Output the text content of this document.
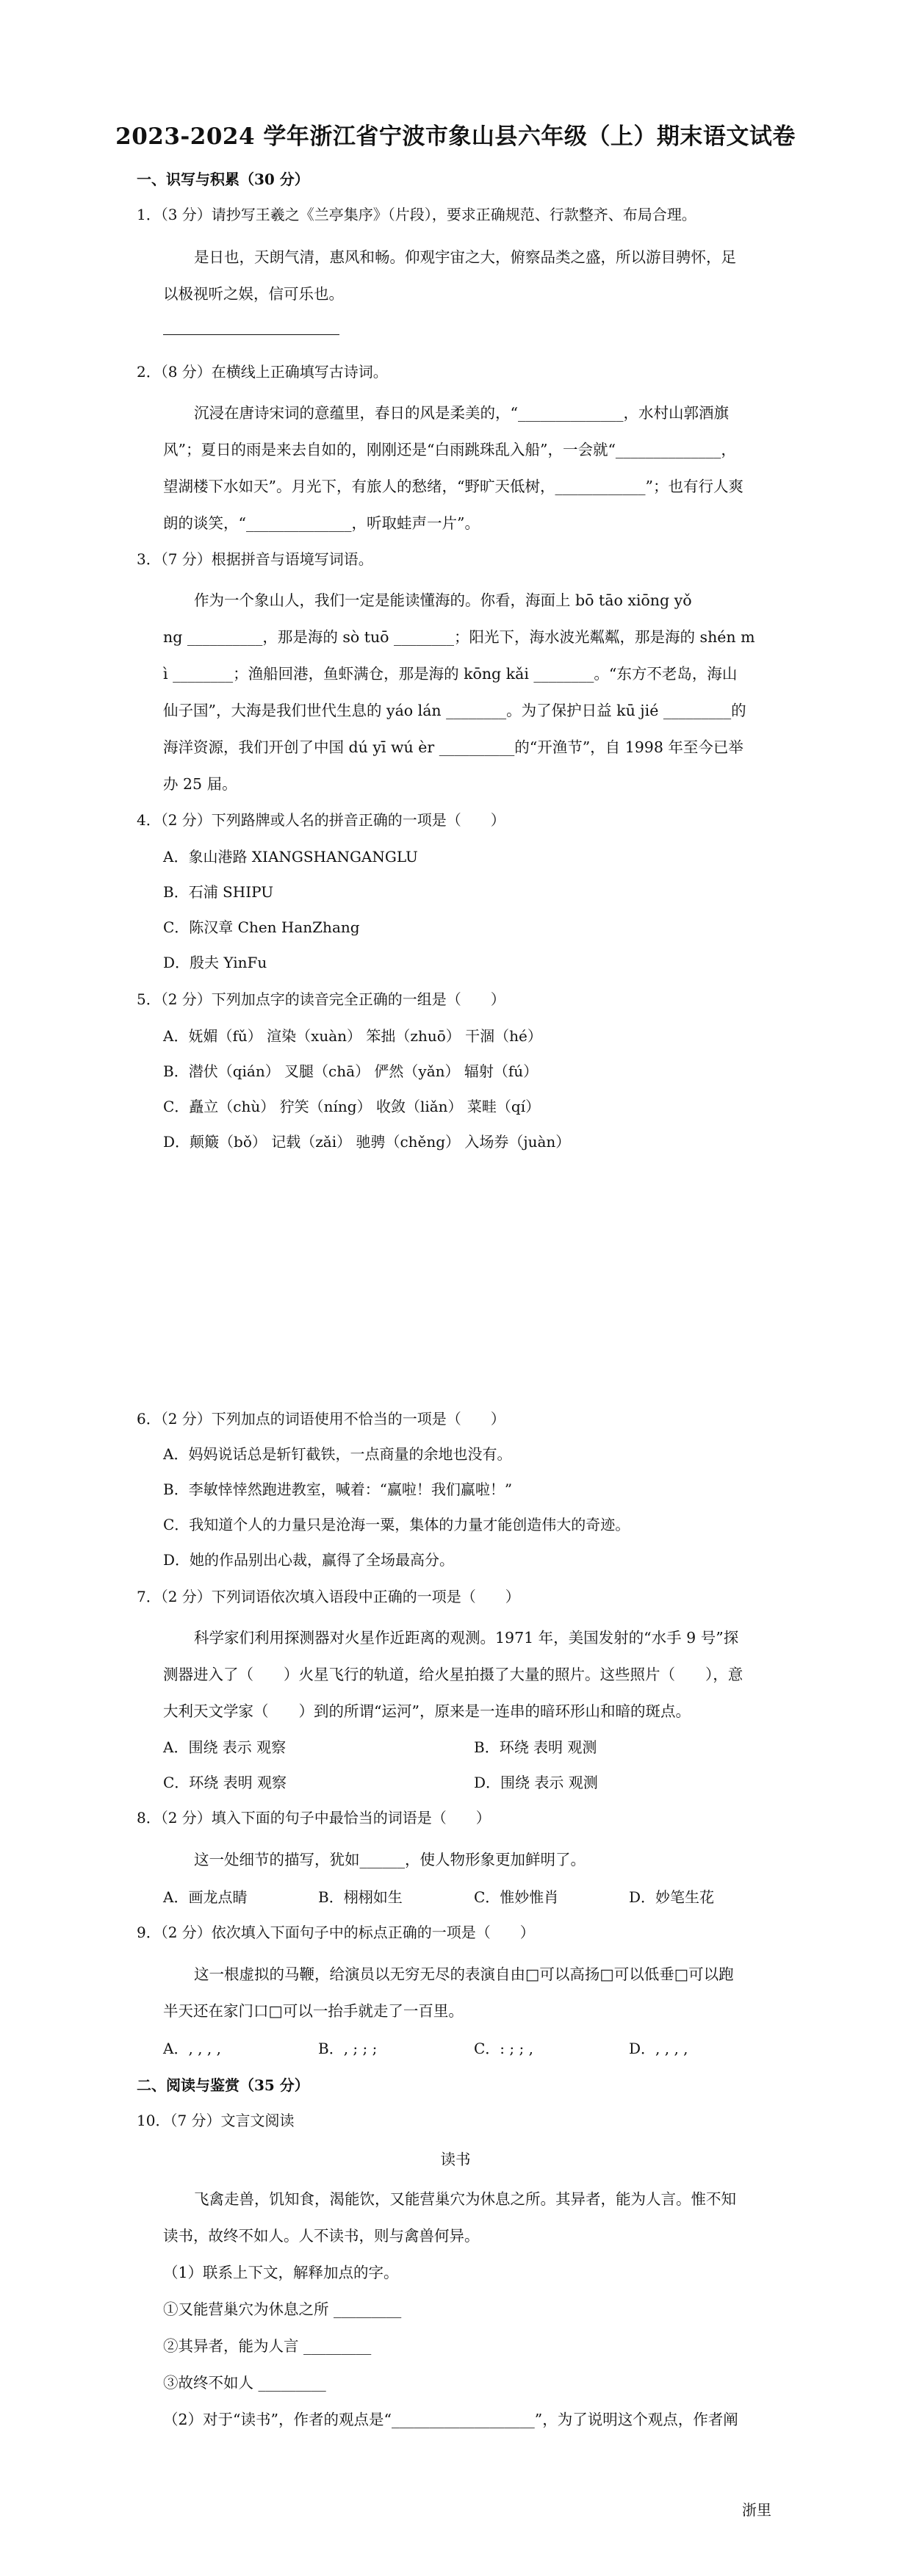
2023-2024 学年浙江省宁波市象山县六年级（上）期末语文试卷
一、识写与积累（30 分）
1．（3 分）请抄写王羲之《兰亭集序》（片段），要求正确规范、行款整齐、布局合理。
是日也，天朗气清，惠风和畅。仰观宇宙之大，俯察品类之盛，所以游目骋怀，足
以极视听之娱，信可乐也。
2．（8 分）在横线上正确填写古诗词。
沉浸在唐诗宋词的意蕴里，春日的风是柔美的，“______________，水村山郭酒旗
风”；夏日的雨是来去自如的，刚刚还是“白雨跳珠乱入船”，一会就“______________，
望湖楼下水如天”。月光下，有旅人的愁绪，“野旷天低树，____________”；也有行人爽
朗的谈笑，“______________，听取蛙声一片”。
3．（7 分）根据拼音与语境写词语。
作为一个象山人，我们一定是能读懂海的。你看，海面上 bō tāo xiōng yǒ
ng __________，那是海的 sò tuō ________；阳光下，海水波光粼粼，那是海的 shén m
ì ________；渔船回港，鱼虾满仓，那是海的 kōng kǎi ________。“东方不老岛，海山
仙子国”，大海是我们世代生息的 yáo lán ________。为了保护日益 kū jié _________的
海洋资源，我们开创了中国 dú yī wú èr __________的“开渔节”，自 1998 年至今已举
办 25 届。
4．（2 分）下列路牌或人名的拼音正确的一项是（　　）
A．象山港路 XIANGSHANGANGLU
B．石浦 SHIPU
C．陈汉章 Chen HanZhang
D．殷夫 YinFu
5．（2 分）下列加点字的读音完全正确的一组是（　　）
A．妩媚（fǔ） 渲染（xuàn） 笨拙（zhuō） 干涸（hé）
B．潜伏（qián） 叉腿（chā） 俨然（yǎn） 辐射（fú）
C．矗立（chù） 狞笑（níng） 收敛（liǎn） 菜畦（qí）
D．颠簸（bǒ） 记载（zǎi） 驰骋（chěng） 入场券（juàn）
6．（2 分）下列加点的词语使用不恰当的一项是（　　）
A．妈妈说话总是斩钉截铁，一点商量的余地也没有。
B．李敏悻悻然跑进教室，喊着：“赢啦！我们赢啦！”
C．我知道个人的力量只是沧海一粟，集体的力量才能创造伟大的奇迹。
D．她的作品别出心裁，赢得了全场最高分。
7．（2 分）下列词语依次填入语段中正确的一项是（　　）
科学家们利用探测器对火星作近距离的观测。1971 年，美国发射的“水手 9 号”探
测器进入了（　　）火星飞行的轨道，给火星拍摄了大量的照片。这些照片（　　），意
大利天文学家（　　）到的所谓“运河”，原来是一连串的暗环形山和暗的斑点。
A．围绕 表示 观察	B．环绕 表明 观测
C．环绕 表明 观察	D．围绕 表示 观测
8．（2 分）填入下面的句子中最恰当的词语是（　　）
这一处细节的描写，犹如______，使人物形象更加鲜明了。
A．画龙点睛	B．栩栩如生	C．惟妙惟肖	D．妙笔生花
9．（2 分）依次填入下面句子中的标点正确的一项是（　　）
这一根虚拟的马鞭，给演员以无穷无尽的表演自由□可以高扬□可以低垂□可以跑
半天还在家门口□可以一抬手就走了一百里。
A．, , , ,	B．, ; ; ;	C．: ; ; ,	D．, , , ,
二、阅读与鉴赏（35 分）
10．（7 分）文言文阅读
读书
飞禽走兽，饥知食，渴能饮，又能营巢穴为休息之所。其异者，能为人言。惟不知
读书，故终不如人。人不读书，则与禽兽何异。
（1）联系上下文，解释加点的字。
①又能营巢穴为休息之所 _________
②其异者，能为人言 _________
③故终不如人 _________
（2）对于“读书”，作者的观点是“___________________”，为了说明这个观点，作者阐
浙里
